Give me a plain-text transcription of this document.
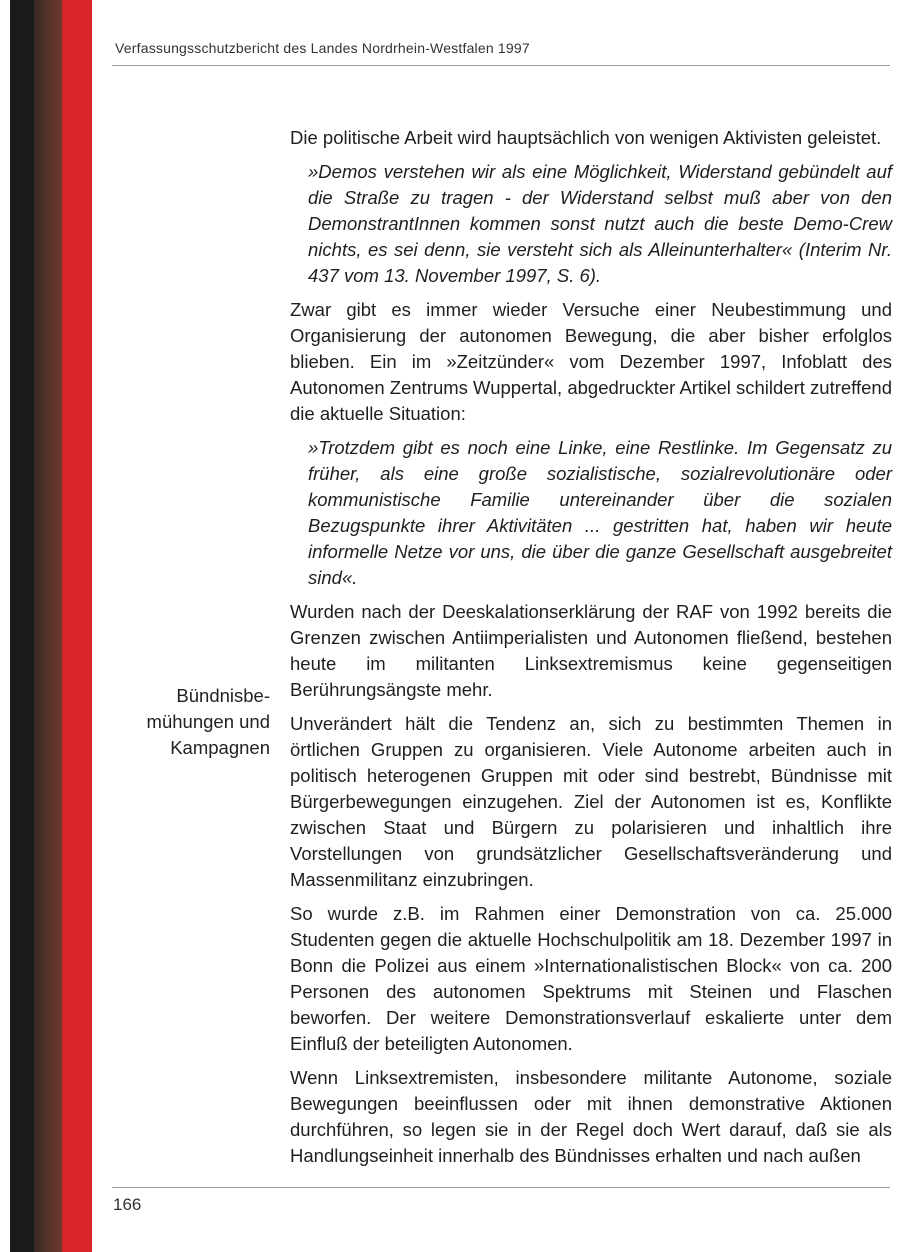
Verfassungsschutzbericht des Landes Nordrhein-Westfalen 1997
Bündnisbe-mühungen und Kampagnen

Die politische Arbeit wird hauptsächlich von wenigen Aktivisten geleistet.

»Demos verstehen wir als eine Möglichkeit, Widerstand gebündelt auf die Straße zu tragen - der Widerstand selbst muß aber von den DemonstrantInnen kommen sonst nutzt auch die beste Demo-Crew nichts, es sei denn, sie versteht sich als Alleinunterhalter« (Interim Nr. 437 vom 13. November 1997, S. 6).

Zwar gibt es immer wieder Versuche einer Neubestimmung und Organisierung der autonomen Bewegung, die aber bisher erfolglos blieben. Ein im »Zeitzünder« vom Dezember 1997, Infoblatt des Autonomen Zentrums Wuppertal, abgedruckter Artikel schildert zutreffend die aktuelle Situation:

»Trotzdem gibt es noch eine Linke, eine Restlinke. Im Gegensatz zu früher, als eine große sozialistische, sozialrevolutionäre oder kommunistische Familie untereinander über die sozialen Bezugspunkte ihrer Aktivitäten ... gestritten hat, haben wir heute informelle Netze vor uns, die über die ganze Gesellschaft ausgebreitet sind«.

Wurden nach der Deeskalationserklärung der RAF von 1992 bereits die Grenzen zwischen Antiimperialisten und Autonomen fließend, bestehen heute im militanten Linksextremismus keine gegenseitigen Berührungsängste mehr.

Unverändert hält die Tendenz an, sich zu bestimmten Themen in örtlichen Gruppen zu organisieren. Viele Autonome arbeiten auch in politisch heterogenen Gruppen mit oder sind bestrebt, Bündnisse mit Bürgerbewegungen einzugehen. Ziel der Autonomen ist es, Konflikte zwischen Staat und Bürgern zu polarisieren und inhaltlich ihre Vorstellungen von grundsätzlicher Gesellschaftsveränderung und Massenmilitanz einzubringen.

So wurde z.B. im Rahmen einer Demonstration von ca. 25.000 Studenten gegen die aktuelle Hochschulpolitik am 18. Dezember 1997 in Bonn die Polizei aus einem »Internationalistischen Block« von ca. 200 Personen des autonomen Spektrums mit Steinen und Flaschen beworfen. Der weitere Demonstrationsverlauf eskalierte unter dem Einfluß der beteiligten Autonomen.

Wenn Linksextremisten, insbesondere militante Autonome, soziale Bewegungen beeinflussen oder mit ihnen demonstrative Aktionen durchführen, so legen sie in der Regel doch Wert darauf, daß sie als Handlungseinheit innerhalb des Bündnisses erhalten und nach außen

166
